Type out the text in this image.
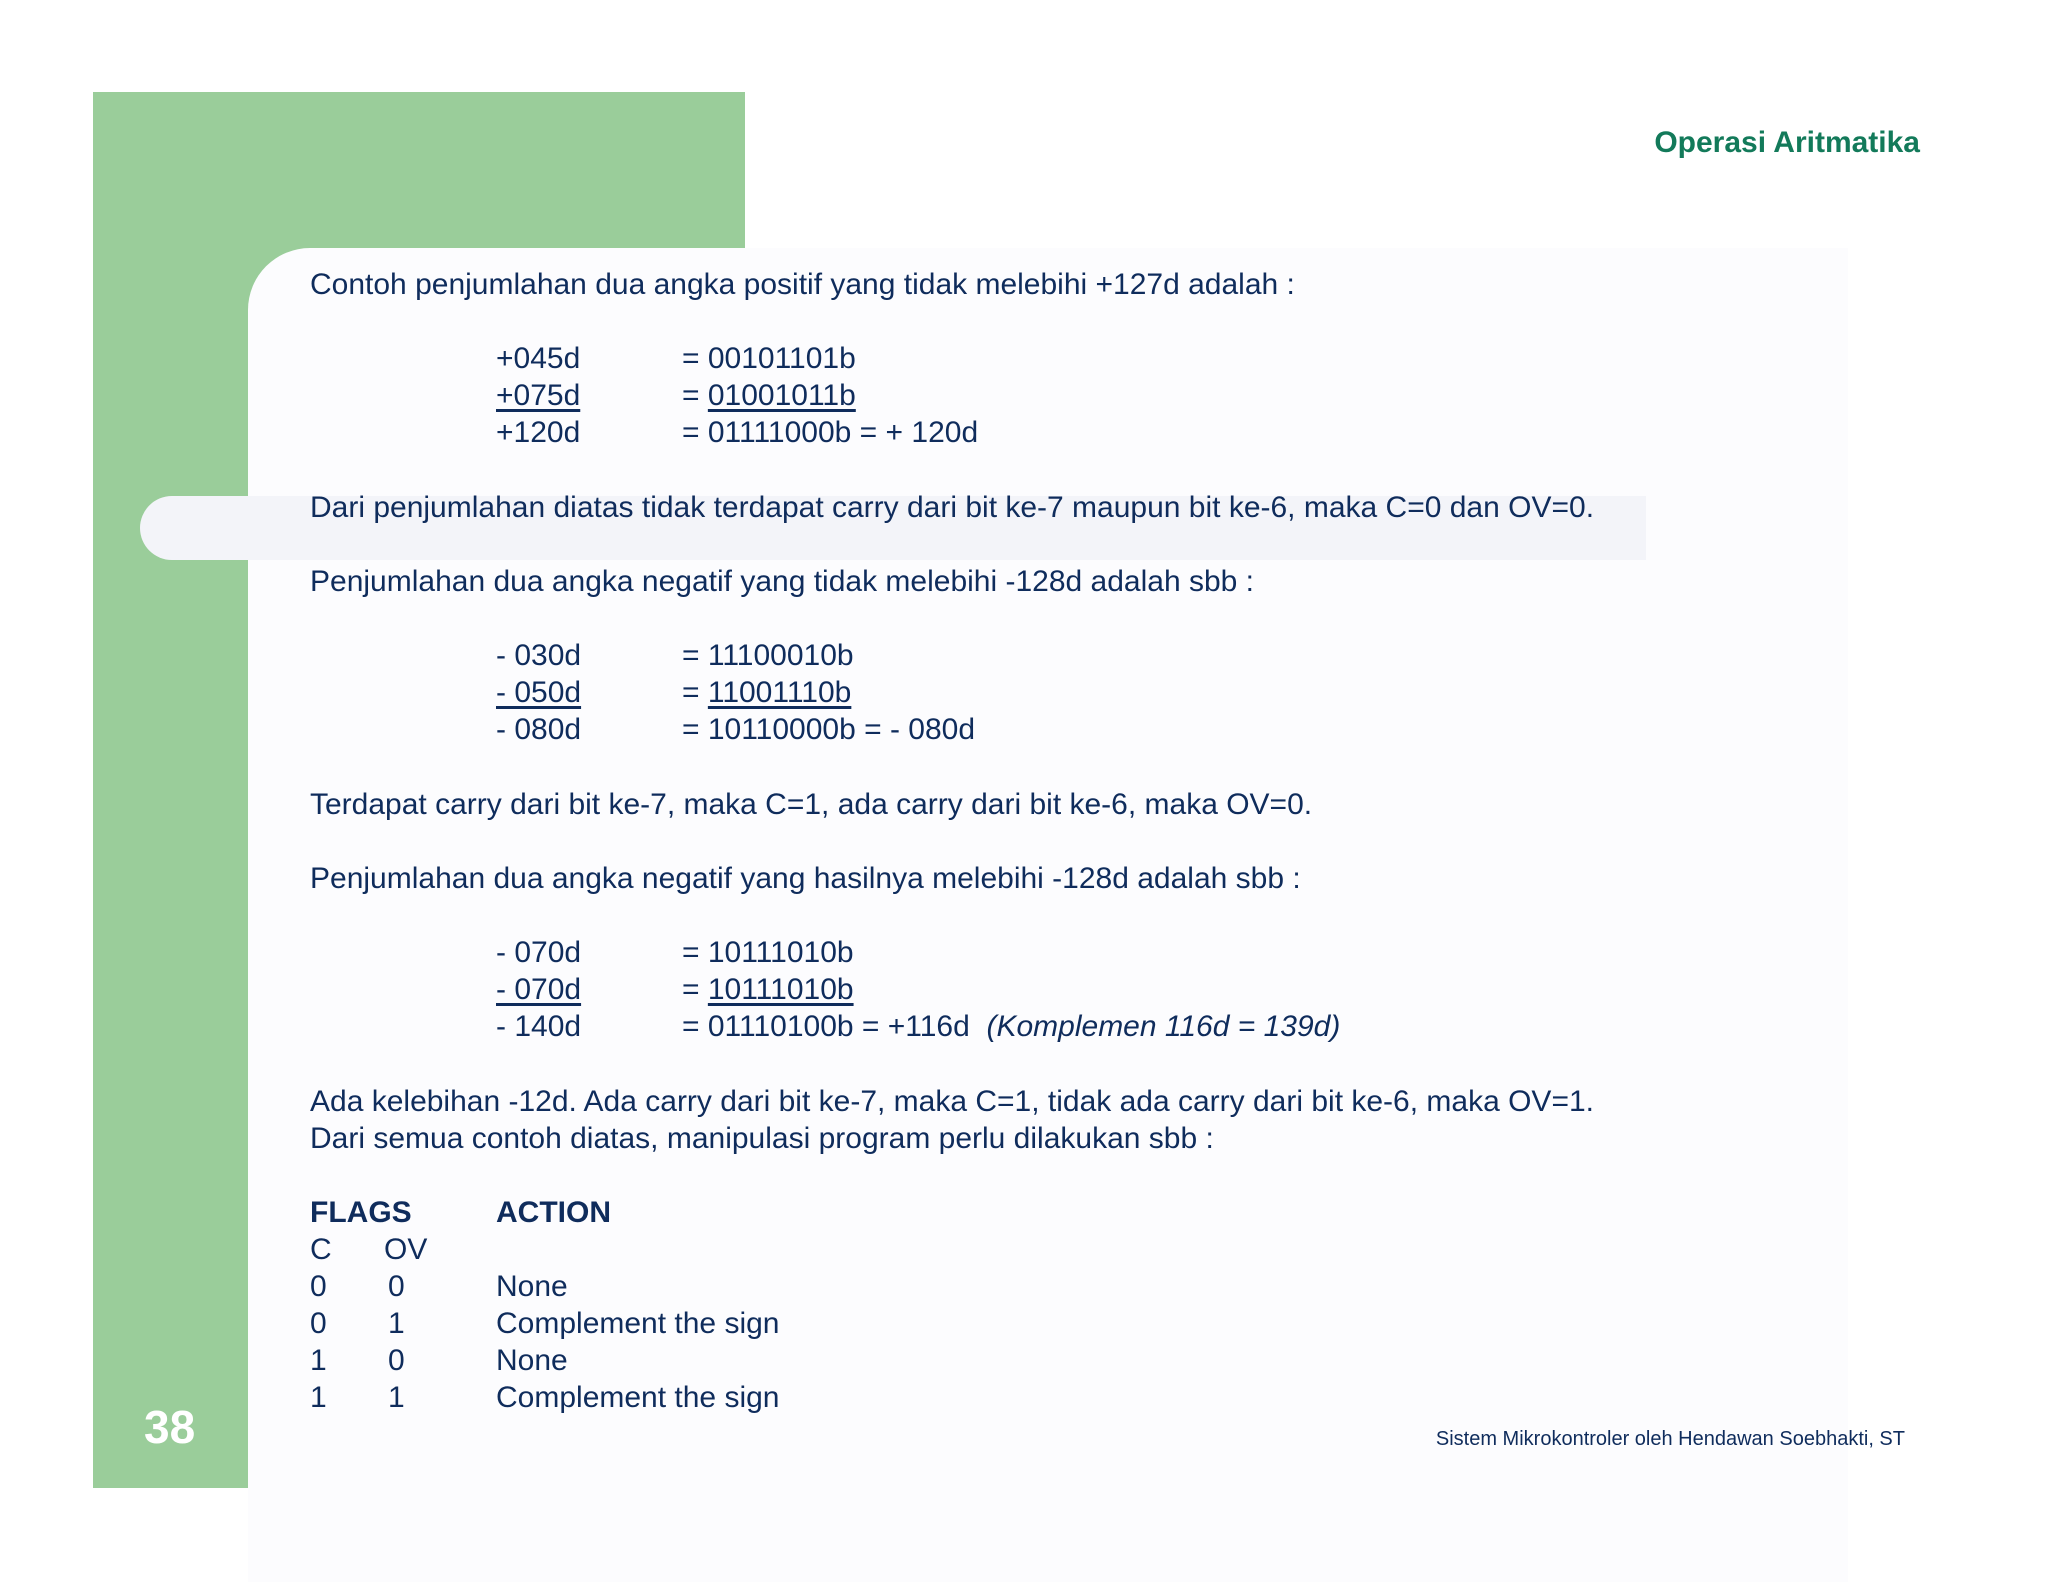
Operasi Aritmatika
Contoh penjumlahan dua angka positif yang tidak melebihi +127d adalah :
+045d	= 00101101b
+075d	= 01001011b
+120d	= 01111000b = + 120d
Dari penjumlahan diatas tidak terdapat carry dari bit ke-7 maupun bit ke-6, maka C=0 dan OV=0.
Penjumlahan dua angka negatif yang tidak melebihi -128d adalah sbb :
- 030d	= 11100010b
- 050d	= 11001110b
- 080d	= 10110000b = - 080d
Terdapat carry dari bit ke-7, maka C=1, ada carry dari bit ke-6, maka OV=0.
Penjumlahan dua angka negatif yang hasilnya melebihi -128d adalah sbb :
- 070d	= 10111010b
- 070d	= 10111010b
- 140d	= 01110100b = +116d (Komplemen 116d = 139d)
Ada kelebihan -12d. Ada carry dari bit ke-7, maka C=1, tidak ada carry dari bit ke-6, maka OV=1.
Dari semua contoh diatas, manipulasi program perlu dilakukan sbb :
FLAGS	ACTION
C OV
0 0	None
0 1	Complement the sign
1 0	None
1 1	Complement the sign
38	Sistem Mikrokontroler oleh Hendawan Soebhakti, ST
